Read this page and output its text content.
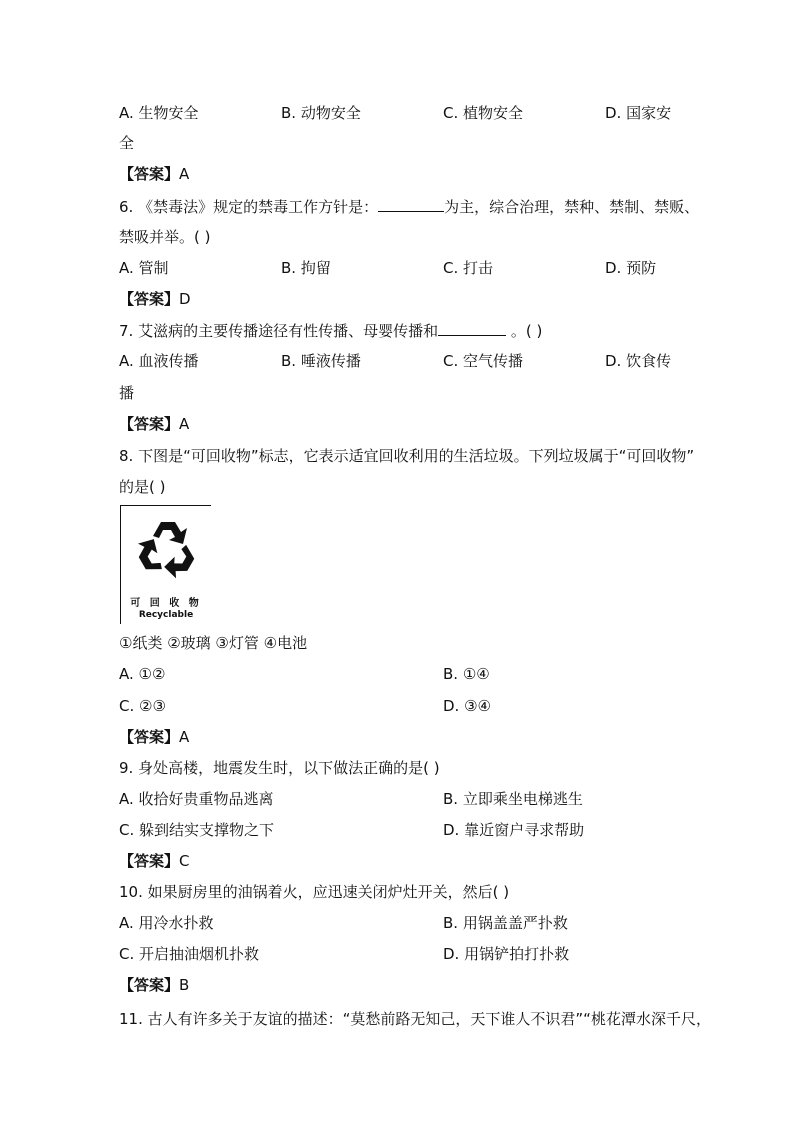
A. 生物安全	B. 动物安全	C. 植物安全	D. 国家安
全
【答案】A
6. 《禁毒法》规定的禁毒工作方针是：	为主，综合治理，禁种、禁制、禁贩、
禁吸并举。( )
A. 管制	B. 拘留	C. 打击	D. 预防
【答案】D
7. 艾滋病的主要传播途径有性传播、母婴传播和	。( )
A. 血液传播	B. 唾液传播	C. 空气传播	D. 饮食传
播
【答案】A
8. 下图是“可回收物”标志，它表示适宜回收利用的生活垃圾。下列垃圾属于“可回收物”
的是( )
可 回 收 物
Recyclable
①纸类 ②玻璃 ③灯管 ④电池
A. ①②	B. ①④
C. ②③	D. ③④
【答案】A
9. 身处高楼，地震发生时，以下做法正确的是( )
A. 收拾好贵重物品逃离	B. 立即乘坐电梯逃生
C. 躲到结实支撑物之下	D. 靠近窗户寻求帮助
【答案】C
10. 如果厨房里的油锅着火，应迅速关闭炉灶开关，然后( )
A. 用冷水扑救	B. 用锅盖盖严扑救
C. 开启抽油烟机扑救	D. 用锅铲拍打扑救
【答案】B
11. 古人有许多关于友谊的描述：“莫愁前路无知己，天下谁人不识君”“桃花潭水深千尺，
